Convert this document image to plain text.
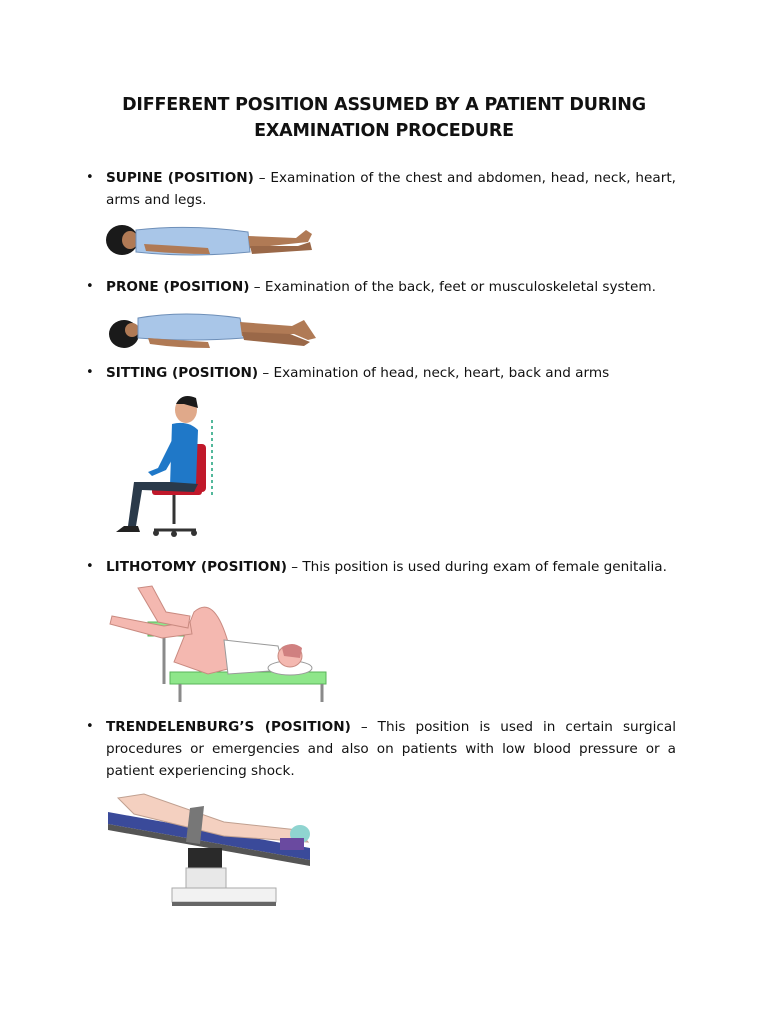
DIFFERENT POSITION ASSUMED BY A PATIENT DURING
EXAMINATION PROCEDURE
• SUPINE (POSITION) – Examination of the chest and abdomen, head, neck, heart, arms and legs.
• PRONE (POSITION) – Examination of the back, feet or musculoskeletal system.
• SITTING (POSITION) – Examination of head, neck, heart, back and arms
• LITHOTOMY (POSITION) – This position is used during exam of female genitalia.
• TRENDELENBURG’S (POSITION) – This position is used in certain surgical procedures or emergencies and also on patients with low blood pressure or a patient experiencing shock.
